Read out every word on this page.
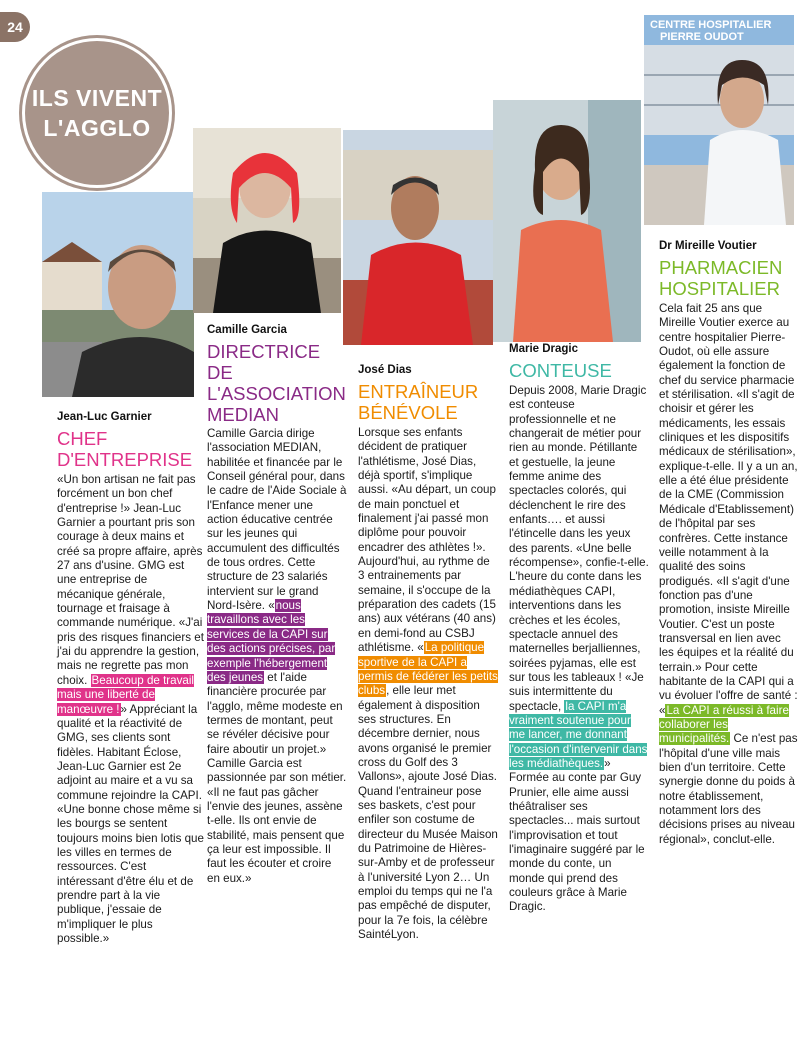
24
ILS VIVENT
L'AGGLO
CENTRE HOSPITALIER
PIERRE OUDOT
Jean-Luc Garnier
CHEF
D'ENTREPRISE
«Un bon artisan ne fait pas forcément un bon chef d'entreprise !» Jean-Luc Garnier a pourtant pris son courage à deux mains et créé sa propre affaire, après 27 ans d'usine. GMG est une entreprise de mécanique générale, tournage et fraisage à commande numérique. «J'ai pris des risques financiers et j'ai du apprendre la gestion, mais ne regrette pas mon choix. Beaucoup de travail mais une liberté de manœuvre !» Appréciant la qualité et la réactivité de GMG, ses clients sont fidèles. Habitant Éclose, Jean-Luc Garnier est 2e adjoint au maire et a vu sa commune rejoindre la CAPI. «Une bonne chose même si les bourgs se sentent toujours moins bien lotis que les villes en termes de ressources. C'est intéressant d'être élu et de prendre part à la vie publique, j'essaie de m'impliquer le plus possible.»
Camille Garcia
DIRECTRICE DE
L'ASSOCIATION
MEDIAN
Camille Garcia dirige l'association MEDIAN, habilitée et financée par le Conseil général pour, dans le cadre de l'Aide Sociale à l'Enfance mener une action éducative centrée sur les jeunes qui accumulent des difficultés de tous ordres. Cette structure de 23 salariés intervient sur le grand Nord-Isère. «nous travaillons avec les services de la CAPI sur des actions précises, par exemple l'hébergement des jeunes et l'aide financière procurée par l'agglo, même modeste en termes de montant, peut se révéler décisive pour faire aboutir un projet.» Camille Garcia est passionnée par son métier. «Il ne faut pas gâcher l'envie des jeunes, assène t-elle. Ils ont envie de stabilité, mais pensent que ça leur est impossible. Il faut les écouter et croire en eux.»
José Dias
ENTRAÎNEUR
BÉNÉVOLE
Lorsque ses enfants décident de pratiquer l'athlétisme, José Dias, déjà sportif, s'implique aussi. «Au départ, un coup de main ponctuel et finalement j'ai passé mon diplôme pour pouvoir encadrer des athlètes !». Aujourd'hui, au rythme de 3 entrainements par semaine, il s'occupe de la préparation des cadets (15 ans) aux vétérans (40 ans) en demi-fond au CSBJ athlétisme. «La politique sportive de la CAPI a permis de fédérer les petits clubs, elle leur met également à disposition ses structures. En décembre dernier, nous avons organisé le premier cross du Golf des 3 Vallons», ajoute José Dias. Quand l'entraineur pose ses baskets, c'est pour enfiler son costume de directeur du Musée Maison du Patrimoine de Hières-sur-Amby et de professeur à l'université Lyon 2… Un emploi du temps qui ne l'a pas empêché de disputer, pour la 7e fois, la célèbre SaintéLyon.
Marie Dragic
CONTEUSE
Depuis 2008, Marie Dragic est conteuse professionnelle et ne changerait de métier pour rien au monde. Pétillante et gestuelle, la jeune femme anime des spectacles colorés, qui déclenchent le rire des enfants…. et aussi l'étincelle dans les yeux des parents. «Une belle récompense», confie-t-elle. L'heure du conte dans les médiathèques CAPI, interventions dans les crèches et les écoles, spectacle annuel des maternelles berjalliennes, soirées pyjamas, elle est sur tous les tableaux ! «Je suis intermittente du spectacle, la CAPI m'a vraiment soutenue pour me lancer, me donnant l'occasion d'intervenir dans les médiathèques.» Formée au conte par Guy Prunier, elle aime aussi théâtraliser ses spectacles... mais surtout l'improvisation et tout l'imaginaire suggéré par le monde du conte, un monde qui prend des couleurs grâce à Marie Dragic.
Dr Mireille Voutier
PHARMACIEN
HOSPITALIER
Cela fait 25 ans que Mireille Voutier exerce au centre hospitalier Pierre-Oudot, où elle assure également la fonction de chef du service pharmacie et stérilisation. «Il s'agit de choisir et gérer les médicaments, les essais cliniques et les dispositifs médicaux de stérilisation», explique-t-elle. Il y a un an, elle a été élue présidente de la CME (Commission Médicale d'Etablissement) de l'hôpital par ses confrères. Cette instance veille notamment à la qualité des soins prodigués. «Il s'agit d'une fonction pas d'une promotion, insiste Mireille Voutier. C'est un poste transversal en lien avec les équipes et la réalité du terrain.» Pour cette habitante de la CAPI qui a vu évoluer l'offre de santé : «La CAPI a réussi à faire collaborer les municipalités. Ce n'est pas l'hôpital d'une ville mais bien d'un territoire. Cette synergie donne du poids à notre établissement, notamment lors des décisions prises au niveau régional», conclut-elle.
